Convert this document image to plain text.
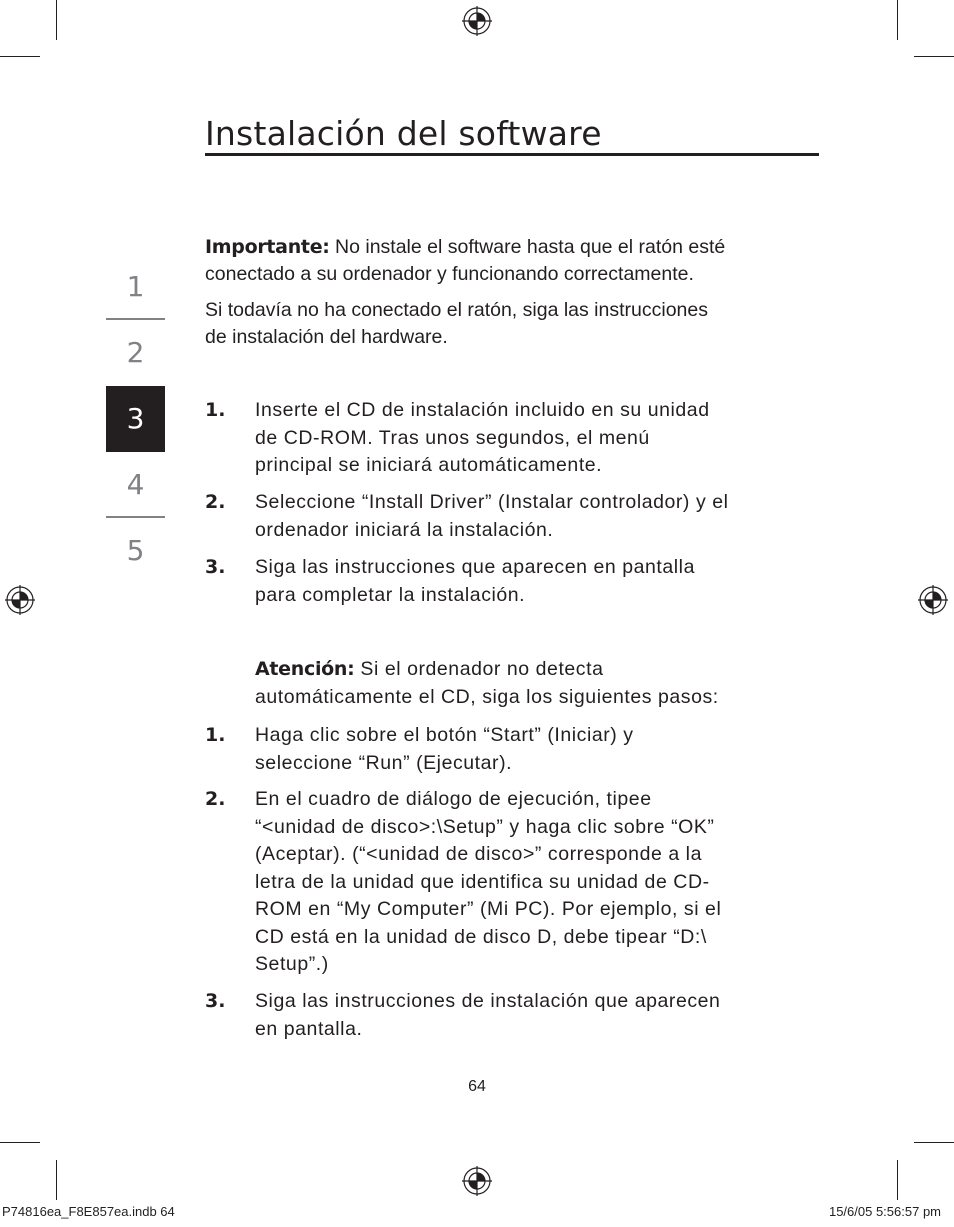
Instalación del software
1
2
3
4
5
Importante: No instale el software hasta que el ratón esté
conectado a su ordenador y funcionando correctamente.
Si todavía no ha conectado el ratón, siga las instrucciones
de instalación del hardware.
1. Inserte el CD de instalación incluido en su unidad
de CD-ROM. Tras unos segundos, el menú
principal se iniciará automáticamente.
2. Seleccione “Install Driver” (Instalar controlador) y el
ordenador iniciará la instalación.
3. Siga las instrucciones que aparecen en pantalla
para completar la instalación.
Atención: Si el ordenador no detecta
automáticamente el CD, siga los siguientes pasos:
1. Haga clic sobre el botón “Start” (Iniciar) y
seleccione “Run” (Ejecutar).
2. En el cuadro de diálogo de ejecución, tipee
“<unidad de disco>:\Setup” y haga clic sobre “OK”
(Aceptar). (“<unidad de disco>” corresponde a la
letra de la unidad que identifica su unidad de CD-
ROM en “My Computer” (Mi PC). Por ejemplo, si el
CD está en la unidad de disco D, debe tipear “D:\
Setup”.)
3. Siga las instrucciones de instalación que aparecen
en pantalla.
64
P74816ea_F8E857ea.indb 64	15/6/05 5:56:57 pm
